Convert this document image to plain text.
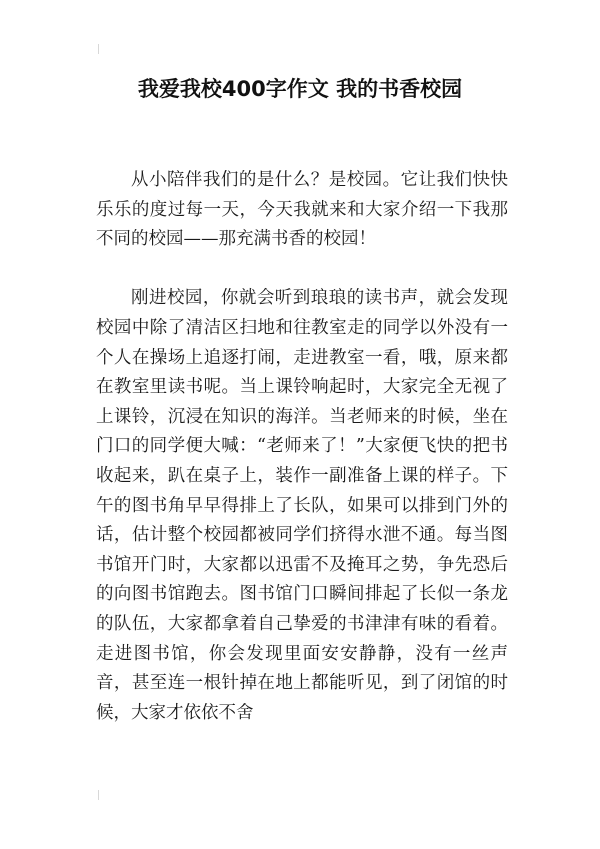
我爱我校400字作文 我的书香校园

从小陪伴我们的是什么？是校园。它让我们快快乐乐的度过每一天，今天我就来和大家介绍一下我那不同的校园——那充满书香的校园！

刚进校园，你就会听到琅琅的读书声，就会发现校园中除了清洁区扫地和往教室走的同学以外没有一个人在操场上追逐打闹，走进教室一看，哦，原来都在教室里读书呢。当上课铃响起时，大家完全无视了上课铃，沉浸在知识的海洋。当老师来的时候，坐在门口的同学便大喊：“老师来了！”大家便飞快的把书收起来，趴在桌子上，装作一副准备上课的样子。下午的图书角早早得排上了长队，如果可以排到门外的话，估计整个校园都被同学们挤得水泄不通。每当图书馆开门时，大家都以迅雷不及掩耳之势，争先恐后的向图书馆跑去。图书馆门口瞬间排起了长似一条龙的队伍，大家都拿着自己挚爱的书津津有味的看着。走进图书馆，你会发现里面安安静静，没有一丝声音，甚至连一根针掉在地上都能听见，到了闭馆的时候，大家才依依不舍
